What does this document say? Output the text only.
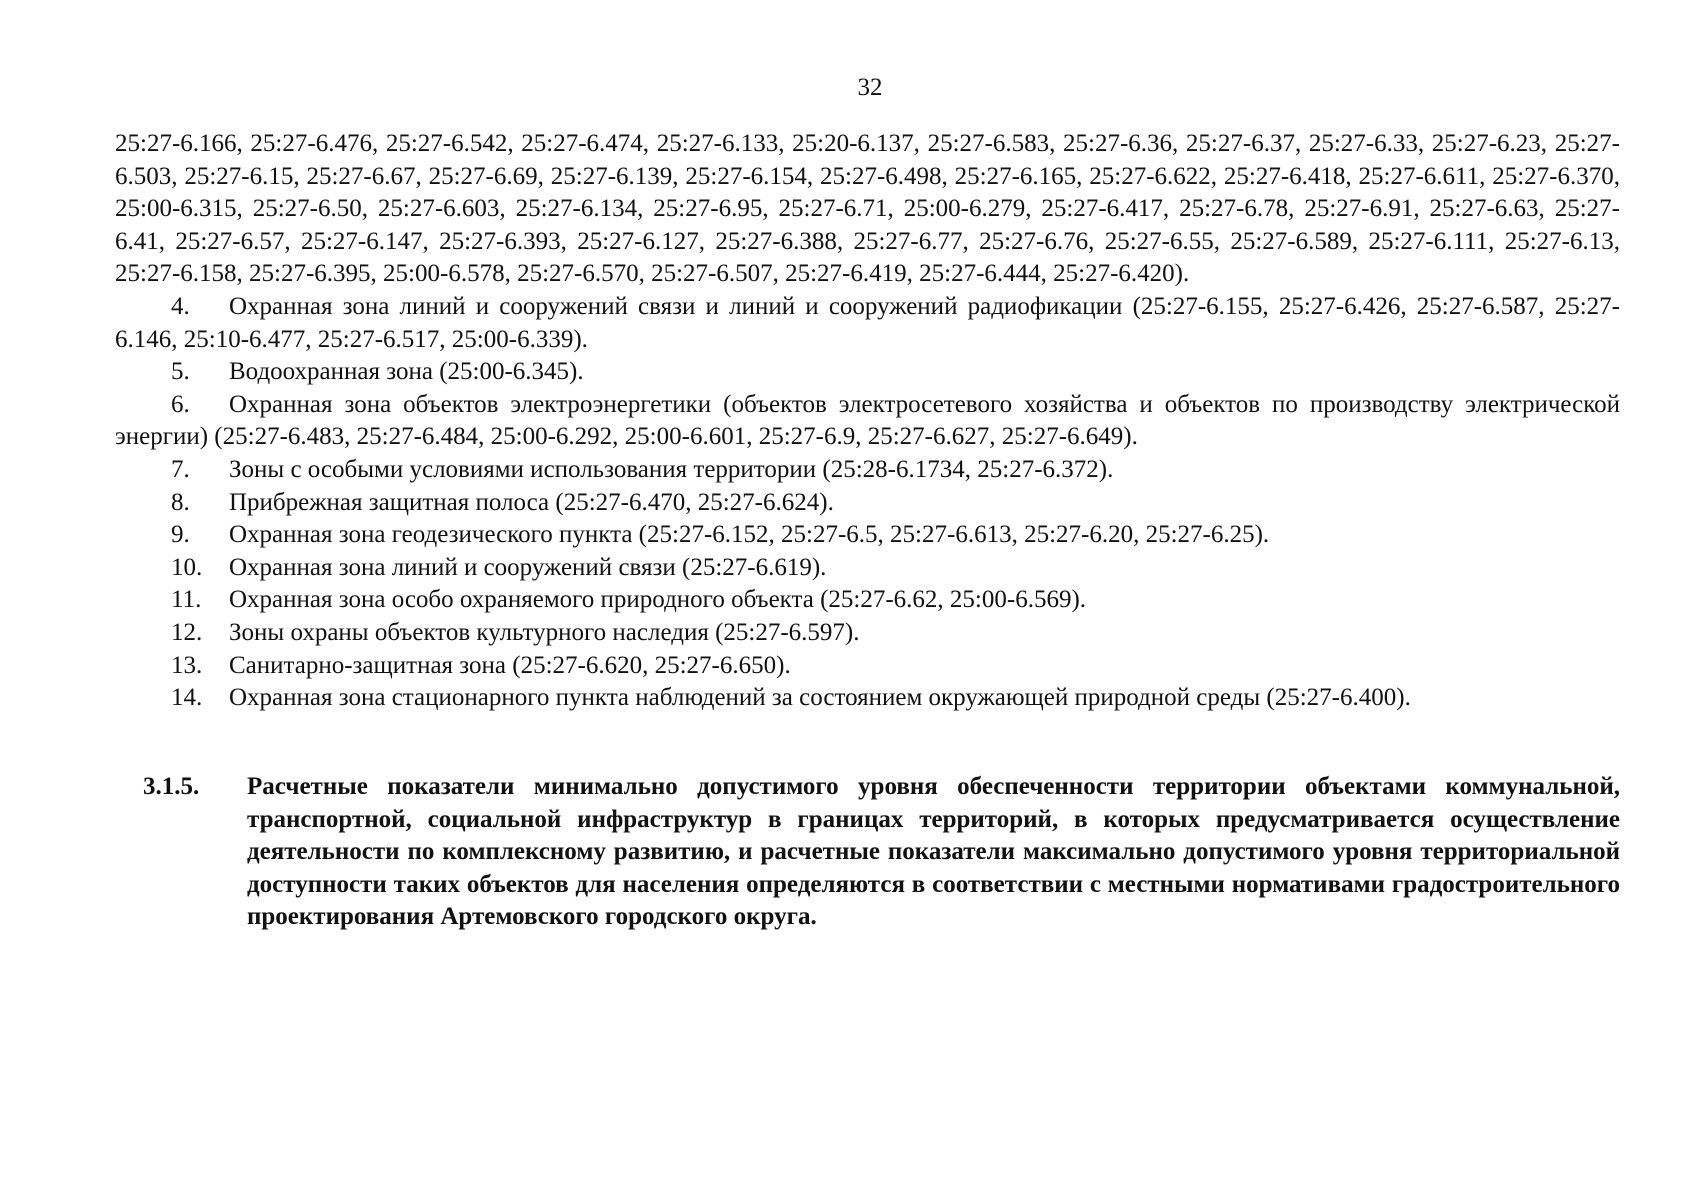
32

25:27-6.166, 25:27-6.476, 25:27-6.542, 25:27-6.474, 25:27-6.133, 25:20-6.137, 25:27-6.583, 25:27-6.36, 25:27-6.37, 25:27-6.33, 25:27-6.23, 25:27-6.503, 25:27-6.15, 25:27-6.67, 25:27-6.69, 25:27-6.139, 25:27-6.154, 25:27-6.498, 25:27-6.165, 25:27-6.622, 25:27-6.418, 25:27-6.611, 25:27-6.370, 25:00-6.315, 25:27-6.50, 25:27-6.603, 25:27-6.134, 25:27-6.95, 25:27-6.71, 25:00-6.279, 25:27-6.417, 25:27-6.78, 25:27-6.91, 25:27-6.63, 25:27-6.41, 25:27-6.57, 25:27-6.147, 25:27-6.393, 25:27-6.127, 25:27-6.388, 25:27-6.77, 25:27-6.76, 25:27-6.55, 25:27-6.589, 25:27-6.111, 25:27-6.13, 25:27-6.158, 25:27-6.395, 25:00-6.578, 25:27-6.570, 25:27-6.507, 25:27-6.419, 25:27-6.444, 25:27-6.420).

4. Охранная зона линий и сооружений связи и линий и сооружений радиофикации (25:27-6.155, 25:27-6.426, 25:27-6.587, 25:27-6.146, 25:10-6.477, 25:27-6.517, 25:00-6.339).

5. Водоохранная зона (25:00-6.345).

6. Охранная зона объектов электроэнергетики (объектов электросетевого хозяйства и объектов по производству электрической энергии) (25:27-6.483, 25:27-6.484, 25:00-6.292, 25:00-6.601, 25:27-6.9, 25:27-6.627, 25:27-6.649).

7. Зоны с особыми условиями использования территории (25:28-6.1734, 25:27-6.372).

8. Прибрежная защитная полоса (25:27-6.470, 25:27-6.624).

9. Охранная зона геодезического пункта (25:27-6.152, 25:27-6.5, 25:27-6.613, 25:27-6.20, 25:27-6.25).

10. Охранная зона линий и сооружений связи (25:27-6.619).

11. Охранная зона особо охраняемого природного объекта (25:27-6.62, 25:00-6.569).

12. Зоны охраны объектов культурного наследия (25:27-6.597).

13. Санитарно-защитная зона (25:27-6.620, 25:27-6.650).

14. Охранная зона стационарного пункта наблюдений за состоянием окружающей природной среды (25:27-6.400).

3.1.5.	Расчетные показатели минимально допустимого уровня обеспеченности территории объектами коммунальной, транспортной, социальной инфраструктур в границах территорий, в которых предусматривается осуществление деятельности по комплексному развитию, и расчетные показатели максимально допустимого уровня территориальной доступности таких объектов для населения определяются в соответствии с местными нормативами градостроительного проектирования Артемовского городского округа.
